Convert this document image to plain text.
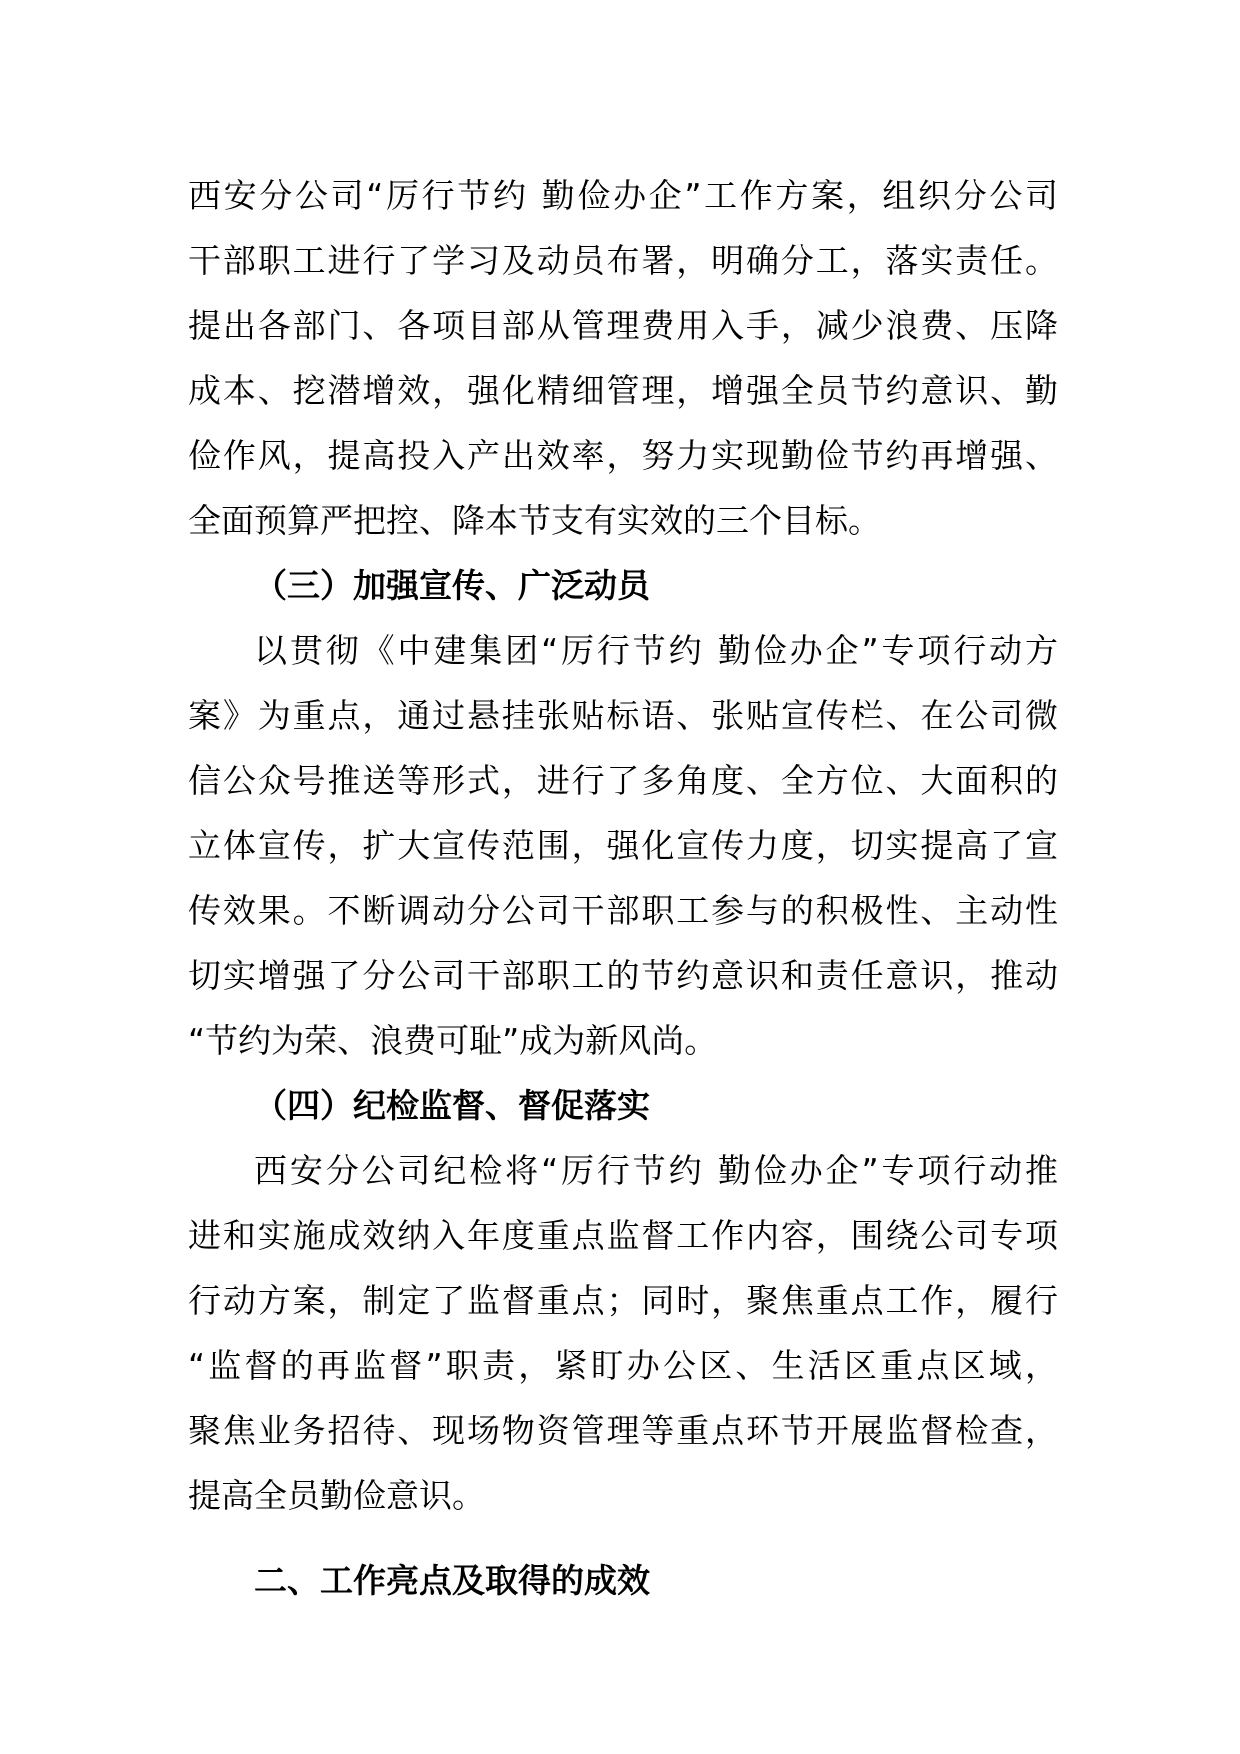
西安分公司“厉行节约 勤俭办企”工作方案，组织分公司
干部职工进行了学习及动员布署，明确分工，落实责任。
提出各部门、各项目部从管理费用入手，减少浪费、压降
成本、挖潜增效，强化精细管理，增强全员节约意识、勤
俭作风，提高投入产出效率，努力实现勤俭节约再增强、
全面预算严把控、降本节支有实效的三个目标。
（三）加强宣传、广泛动员
以贯彻《中建集团“厉行节约 勤俭办企”专项行动方
案》为重点，通过悬挂张贴标语、张贴宣传栏、在公司微
信公众号推送等形式，进行了多角度、全方位、大面积的
立体宣传，扩大宣传范围，强化宣传力度，切实提高了宣
传效果。不断调动分公司干部职工参与的积极性、主动性
切实增强了分公司干部职工的节约意识和责任意识，推动
“节约为荣、浪费可耻”成为新风尚。
（四）纪检监督、督促落实
西安分公司纪检将“厉行节约 勤俭办企”专项行动推
进和实施成效纳入年度重点监督工作内容，围绕公司专项
行动方案，制定了监督重点；同时，聚焦重点工作，履行
“监督的再监督”职责，紧盯办公区、生活区重点区域，
聚焦业务招待、现场物资管理等重点环节开展监督检查，
提高全员勤俭意识。
二、工作亮点及取得的成效
